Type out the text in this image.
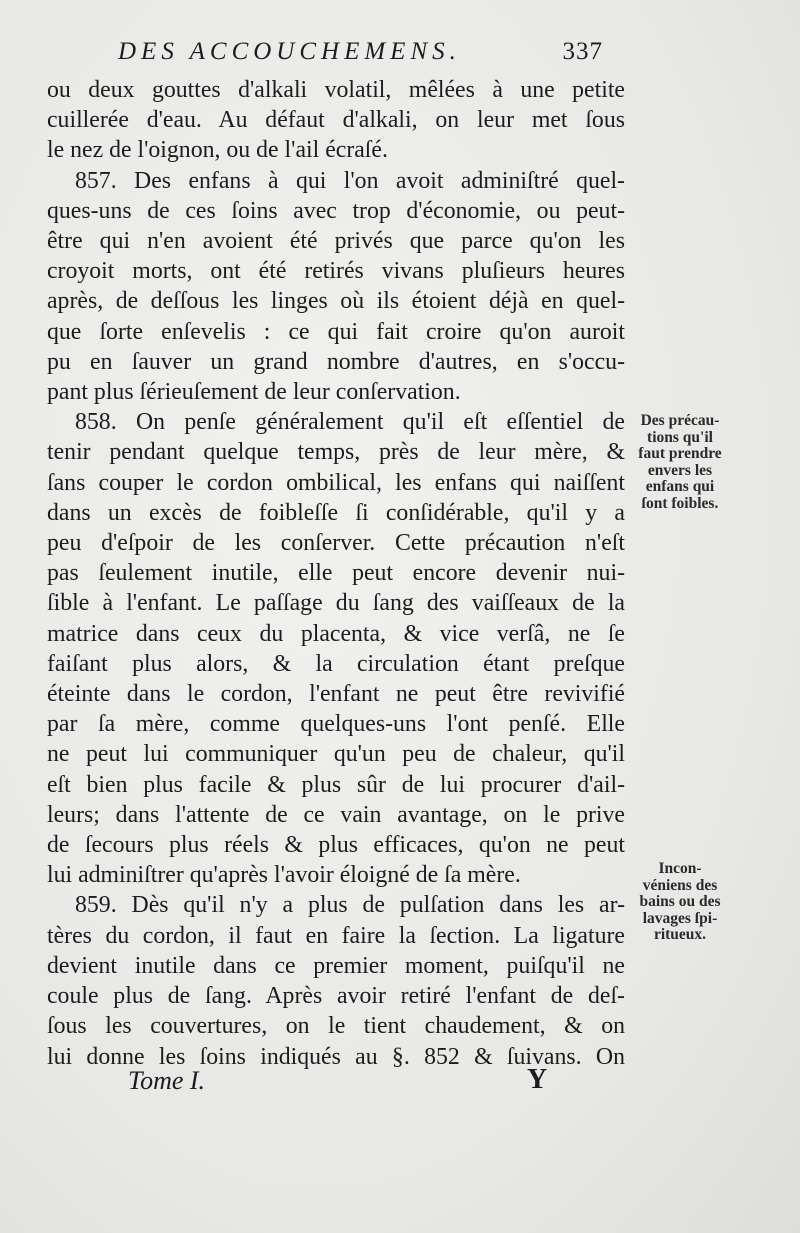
DES ACCOUCHEMENS.	337
ou deux gouttes d'alkali volatil, mêlées à une petite
cuillerée d'eau. Au défaut d'alkali, on leur met ſous
le nez de l'oignon, ou de l'ail écraſé.
857. Des enfans à qui l'on avoit adminiſtré quel-
ques-uns de ces ſoins avec trop d'économie, ou peut-
être qui n'en avoient été privés que parce qu'on les
croyoit morts, ont été retirés vivans pluſieurs heures
après, de deſſous les linges où ils étoient déjà en quel-
que ſorte enſevelis : ce qui fait croire qu'on auroit
pu en ſauver un grand nombre d'autres, en s'occu-
pant plus ſérieuſement de leur conſervation.
858. On penſe généralement qu'il eſt eſſentiel de
tenir pendant quelque temps, près de leur mère, &
ſans couper le cordon ombilical, les enfans qui naiſſent
dans un excès de foibleſſe ſi conſidérable, qu'il y a
peu d'eſpoir de les conſerver. Cette précaution n'eſt
pas ſeulement inutile, elle peut encore devenir nui-
ſible à l'enfant. Le paſſage du ſang des vaiſſeaux de la
matrice dans ceux du placenta, & vice verſâ, ne ſe
faiſant plus alors, & la circulation étant preſque
éteinte dans le cordon, l'enfant ne peut être revivifié
par ſa mère, comme quelques-uns l'ont penſé. Elle
ne peut lui communiquer qu'un peu de chaleur, qu'il
eſt bien plus facile & plus sûr de lui procurer d'ail-
leurs; dans l'attente de ce vain avantage, on le prive
de ſecours plus réels & plus efficaces, qu'on ne peut
lui adminiſtrer qu'après l'avoir éloigné de ſa mère.
859. Dès qu'il n'y a plus de pulſation dans les ar-
tères du cordon, il faut en faire la ſection. La ligature
devient inutile dans ce premier moment, puiſqu'il ne
coule plus de ſang. Après avoir retiré l'enfant de deſ-
ſous les couvertures, on le tient chaudement, & on
lui donne les ſoins indiqués au §. 852 & ſuivans. On
Des précau-
tions qu'il
faut prendre
envers les
enfans qui
ſont foibles.
Incon-
véniens des
bains ou des
lavages ſpi-
ritueux.
Tome I.	Y
